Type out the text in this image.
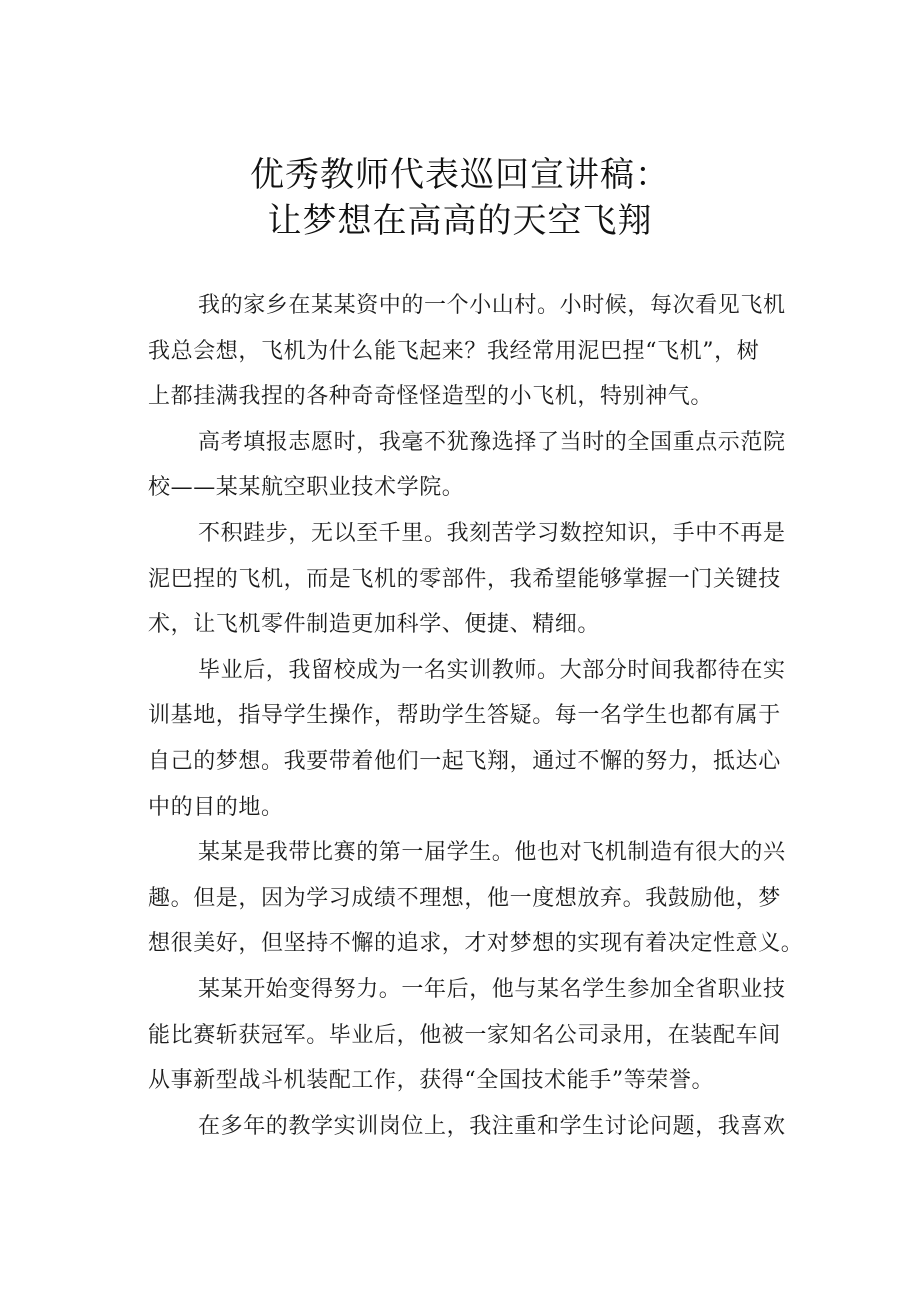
优秀教师代表巡回宣讲稿：
让梦想在高高的天空飞翔
我的家乡在某某资中的一个小山村。小时候，每次看见飞机
我总会想，飞机为什么能飞起来？我经常用泥巴捏“飞机”，树
上都挂满我捏的各种奇奇怪怪造型的小飞机，特别神气。
高考填报志愿时，我毫不犹豫选择了当时的全国重点示范院
校——某某航空职业技术学院。
不积跬步，无以至千里。我刻苦学习数控知识，手中不再是
泥巴捏的飞机，而是飞机的零部件，我希望能够掌握一门关键技
术，让飞机零件制造更加科学、便捷、精细。
毕业后，我留校成为一名实训教师。大部分时间我都待在实
训基地，指导学生操作，帮助学生答疑。每一名学生也都有属于
自己的梦想。我要带着他们一起飞翔，通过不懈的努力，抵达心
中的目的地。
某某是我带比赛的第一届学生。他也对飞机制造有很大的兴
趣。但是，因为学习成绩不理想，他一度想放弃。我鼓励他，梦
想很美好，但坚持不懈的追求，才对梦想的实现有着决定性意义。
某某开始变得努力。一年后，他与某名学生参加全省职业技
能比赛斩获冠军。毕业后，他被一家知名公司录用，在装配车间
从事新型战斗机装配工作，获得“全国技术能手”等荣誉。
在多年的教学实训岗位上，我注重和学生讨论问题，我喜欢
